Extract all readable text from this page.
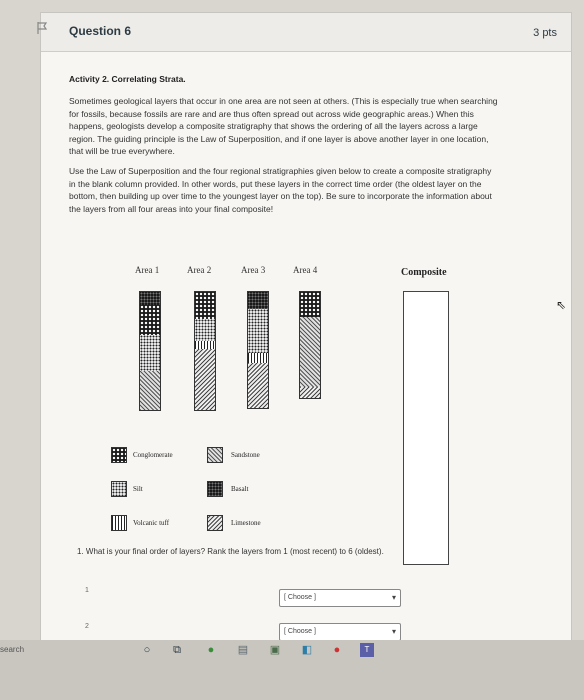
Question 6	3 pts

Activity 2. Correlating Strata.

Sometimes geological layers that occur in one area are not seen at others. (This is especially true when searching for fossils, because fossils are rare and are thus often spread out across wide geographic areas.) When this happens, geologists develop a composite stratigraphy that shows the ordering of all the layers across a large region. The guiding principle is the Law of Superposition, and if one layer is above another layer in one location, that will be true everywhere.

Use the Law of Superposition and the four regional stratigraphies given below to create a composite stratigraphy in the blank column provided. In other words, put these layers in the correct time order (the oldest layer on the bottom, then building up over time to the youngest layer on the top). Be sure to incorporate the information about the layers from all four areas into your final composite!

Area 1	Area 2	Area 3	Area 4	Composite
Conglomerate	Sandstone
Silt	Basalt
Volcanic tuff	Limestone
1. What is your final order of layers? Rank the layers from 1 (most recent) to 6 (oldest).
1
[ Choose ]	▾
2
[ Choose ]	▾
⇖
search	○	⧉	●	▤ ▣ ◧	●	T
